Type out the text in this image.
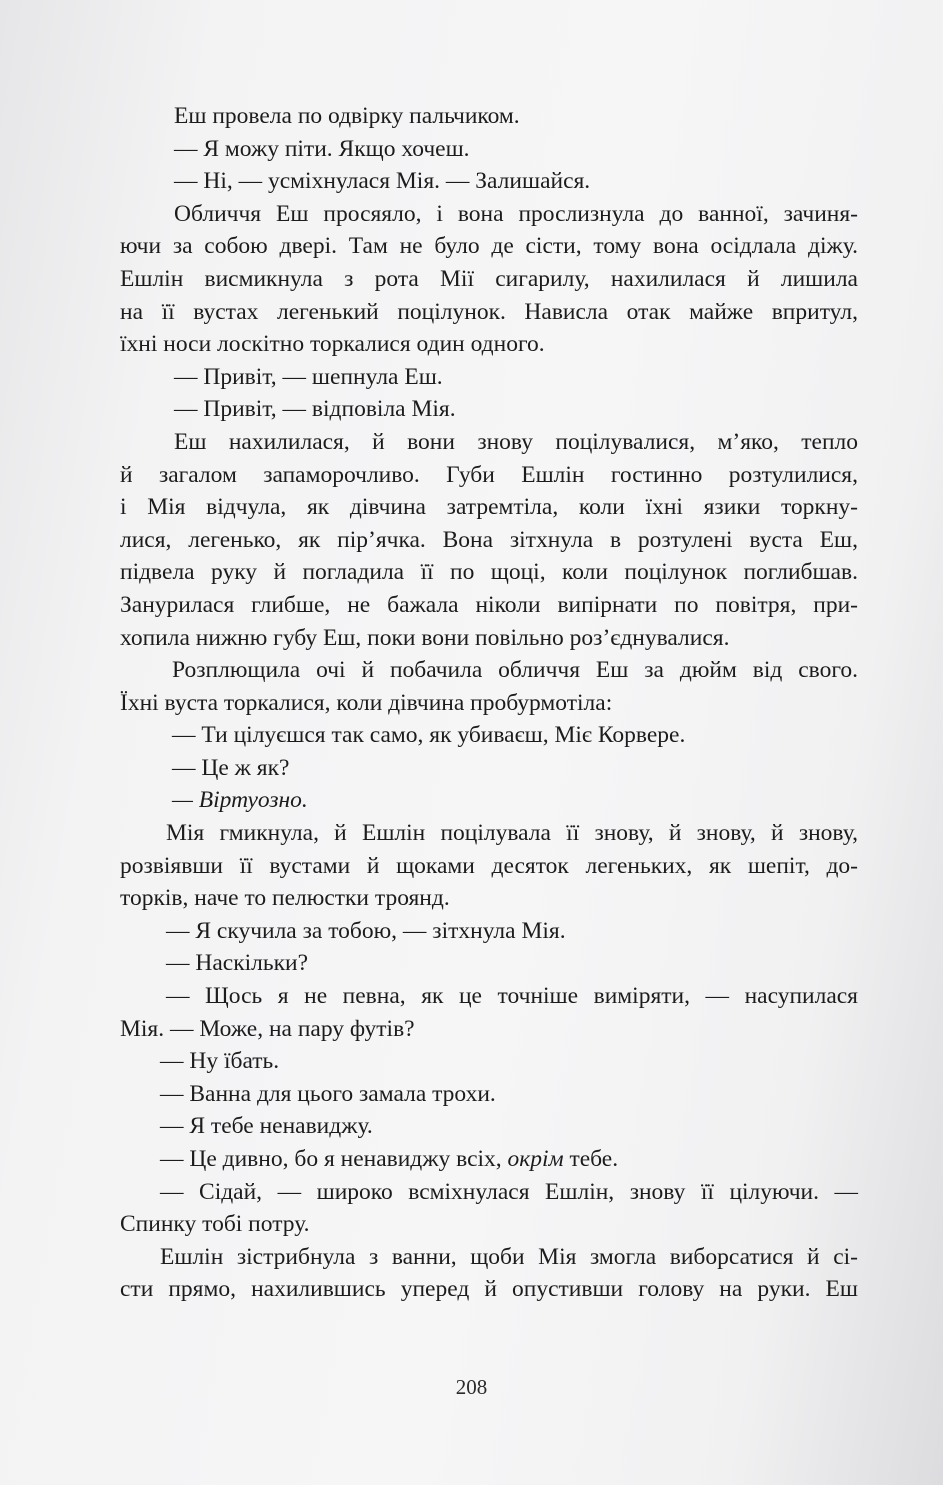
Еш провела по одвірку пальчиком.
— Я можу піти. Якщо хочеш.
— Ні, — усміхнулася Мія. — Залишайся.
Обличчя Еш просяяло, і вона прослизнула до ванної, зачиня-
ючи за собою двері. Там не було де сісти, тому вона осідлала діжу.
Ешлін висмикнула з рота Мії сигарилу, нахилилася й лишила
на її вустах легенький поцілунок. Нависла отак майже впритул,
їхні носи лоскітно торкалися один одного.
— Привіт, — шепнула Еш.
— Привіт, — відповіла Мія.
Еш нахилилася, й вони знову поцілувалися, м’яко, тепло
й загалом запаморочливо. Губи Ешлін гостинно розтулилися,
і Мія відчула, як дівчина затремтіла, коли їхні язики торкну-
лися, легенько, як пір’ячка. Вона зітхнула в розтулені вуста Еш,
підвела руку й погладила її по щоці, коли поцілунок поглибшав.
Занурилася глибше, не бажала ніколи випірнати по повітря, при-
хопила нижню губу Еш, поки вони повільно роз’єднувалися.
Розплющила очі й побачила обличчя Еш за дюйм від свого.
Їхні вуста торкалися, коли дівчина пробурмотіла:
— Ти цілуєшся так само, як убиваєш, Міє Корвере.
— Це ж як?
— Віртуозно.
Мія гмикнула, й Ешлін поцілувала її знову, й знову, й знову,
розвіявши її вустами й щоками десяток легеньких, як шепіт, до-
торків, наче то пелюстки троянд.
— Я скучила за тобою, — зітхнула Мія.
— Наскільки?
— Щось я не певна, як це точніше виміряти, — насупилася
Мія. — Може, на пару футів?
— Ну їбать.
— Ванна для цього замала трохи.
— Я тебе ненавиджу.
— Це дивно, бо я ненавиджу всіх, окрім тебе.
— Сідай, — широко всміхнулася Ешлін, знову її цілуючи. —
Спинку тобі потру.
Ешлін зістрибнула з ванни, щоби Мія змогла виборсатися й сі-
сти прямо, нахилившись уперед й опустивши голову на руки. Еш
208
